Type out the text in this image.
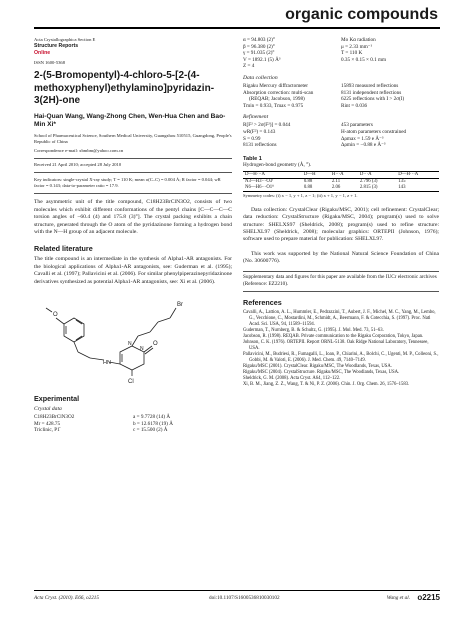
organic compounds
Acta Crystallographica Section E
Structure Reports
Online
ISSN 1600-5368
2-(5-Bromopentyl)-4-chloro-5-[2-(4-methoxyphenyl)ethylamino]pyridazin-3(2H)-one
Hai-Quan Wang, Wang-Zhong Chen, Wen-Hua Chen and Bao-Min Xi*
School of Pharmaceutical Science, Southern Medical University, Guangzhou 510515, Guangdong, People's Republic of China
Correspondence e-mail: xbmbm@yahoo.com.cn
Received 21 April 2010; accepted 28 July 2010
Key indicators: single-crystal X-ray study; T = 110 K; mean σ(C–C) = 0.004 Å; R factor = 0.044; wR factor = 0.143; data-to-parameter ratio = 17.9.
The asymmetric unit of the title compound, C18H23BrClN3O2, consists of two molecules which exhibit different conformations of the pentyl chains [C—C—C—C torsion angles of −60.4 (4) and 175.8 (3)°]. The crystal packing exhibits a chain structure, generated through the O atom of the pyridazinone forming a hydrogen bond with the N—H group of an adjacent molecule.
Related literature
The title compound is an intermediate in the synthesis of Alpha1-AR antagonists. For the biological applications of Alpha1-AR antagonists, see: Guderman et al. (1995); Cavalli et al. (1997); Pallavicini et al. (2006). For similar phenylpiperazinepyridazinone derivatives synthesized as potential Alpha1-AR antagonists, see: Xi et al. (2006).
Br
O
N
N
O
HN
Cl
Experimental
Crystal data
C18H23BrClN3O2
Mr = 428.75
Triclinic, P1̄
a = 9.7728 (14) Å
b = 12.6178 (19) Å
c = 15.500 (2) Å
α = 94.803 (2)°
β = 96.380 (2)°
γ = 91.035 (2)°
V = 1892.1 (5) Å³
Z = 4
Mo Kα radiation
μ = 2.33 mm⁻¹
T = 110 K
0.35 × 0.15 × 0.1 mm
Data collection
Rigaku Mercury diffractometer
Absorption correction: multi-scan
(REQAB; Jacobson, 1998)
Tmin = 0.933, Tmax = 0.975
15893 measured reflections
8131 independent reflections
6225 reflections with I > 2σ(I)
Rint = 0.036
Refinement
R[F² > 2σ(F²)] = 0.044
wR(F²) = 0.143
S = 0.99
8131 reflections
453 parameters
H-atom parameters constrained
Δρmax = 1.59 e Å⁻³
Δρmin = −0.88 e Å⁻³
Table 1
Hydrogen-bond geometry (Å, °).
D—H···A	D—H	H···A	D···A	D—H···A
N3—H3···O3ⁱ	0.88	2.11	2.796 (3)	135
N6—H6···O1ⁱⁱ	0.88	2.06	2.815 (3)	143
Symmetry codes: (i) x − 1, y + 1, z − 1; (ii) x + 1, y − 1, z + 1.
Data collection: CrystalClear (Rigaku/MSC, 2001); cell refinement: CrystalClear; data reduction: CrystalStructure (Rigaku/MSC, 2004); program(s) used to solve structure: SHELXS97 (Sheldrick, 2008); program(s) used to refine structure: SHELXL97 (Sheldrick, 2008); molecular graphics: ORTEPII (Johnson, 1976); software used to prepare material for publication: SHELXL97.
This work was supported by the National Natural Science Foundation of China (No. 30600776).
Supplementary data and figures for this paper are available from the IUCr electronic archives (Reference: EZ2210).
References
Cavalli, A., Lattion, A. L., Hummler, E., Pedrazzini, T., Aubert, J. F., Michel, M. C., Yang, M., Lembo, G., Vecchione, C., Mostardini, M., Schmidt, A., Beermann, F. & Cotecchia, S. (1997). Proc. Natl Acad. Sci. USA, 94, 11589–11594.
Guderman, T., Nurnberg, B. & Schultz, G. (1995). J. Mol. Med. 73, 51–63.
Jacobson, R. (1998). REQAB. Private communication to the Rigaku Corporation, Tokyo, Japan.
Johnson, C. K. (1976). ORTEPII. Report ORNL-5138. Oak Ridge National Laboratory, Tennessee, USA.
Pallavicini, M., Budriesi, R., Fumagalli, L., Ioan, P., Chiarini, A., Bolchi, C., Ugenti, M. P., Colleoni, S., Gobbi, M. & Valoti, E. (2006). J. Med. Chem. 49, 7140–7149.
Rigaku/MSC (2001). CrystalClear. Rigaku/MSC, The Woodlands, Texas, USA.
Rigaku/MSC (2004). CrystalStructure. Rigaku/MSC, The Woodlands, Texas, USA.
Sheldrick, G. M. (2008). Acta Cryst. A64, 112–122.
Xi, B. M., Jiang, Z. Z., Wang, T. & Ni, P. Z. (2006). Chin. J. Org. Chem. 26, 1576–1583.
Acta Cryst. (2010). E66, o2215	doi:10.1107/S1600536810030102	Wang et al. o2215
